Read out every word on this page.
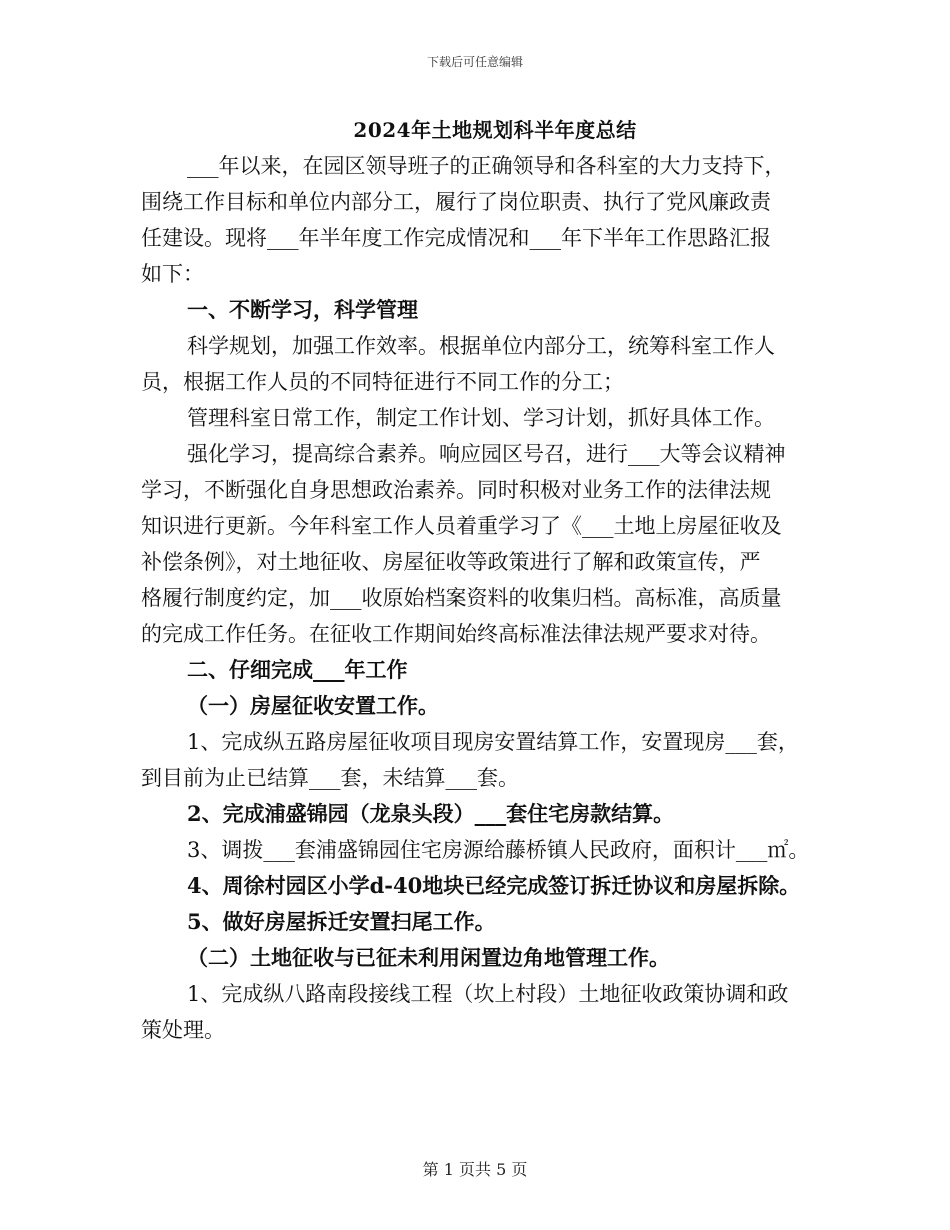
下载后可任意编辑
2024年土地规划科半年度总结

___年以来，在园区领导班子的正确领导和各科室的大力支持下，

围绕工作目标和单位内部分工，履行了岗位职责、执行了党风廉政责

任建设。现将___年半年度工作完成情况和___年下半年工作思路汇报

如下：

一、不断学习，科学管理

科学规划，加强工作效率。根据单位内部分工，统筹科室工作人

员，根据工作人员的不同特征进行不同工作的分工；

管理科室日常工作，制定工作计划、学习计划，抓好具体工作。

强化学习，提高综合素养。响应园区号召，进行___大等会议精神

学习，不断强化自身思想政治素养。同时积极对业务工作的法律法规

知识进行更新。今年科室工作人员着重学习了《___土地上房屋征收及

补偿条例》，对土地征收、房屋征收等政策进行了解和政策宣传，严

格履行制度约定，加___收原始档案资料的收集归档。高标准，高质量

的完成工作任务。在征收工作期间始终高标准法律法规严要求对待。

二、仔细完成___年工作

（一）房屋征收安置工作。

1、完成纵五路房屋征收项目现房安置结算工作，安置现房___套，

到目前为止已结算___套，未结算___套。

2、完成浦盛锦园（龙泉头段）___套住宅房款结算。

3、调拨___套浦盛锦园住宅房源给藤桥镇人民政府，面积计___㎡。

4、周徐村园区小学d-40地块已经完成签订拆迁协议和房屋拆除。

5、做好房屋拆迁安置扫尾工作。

（二）土地征收与已征未利用闲置边角地管理工作。

1、完成纵八路南段接线工程（坎上村段）土地征收政策协调和政

策处理。

第 1 页共 5 页
